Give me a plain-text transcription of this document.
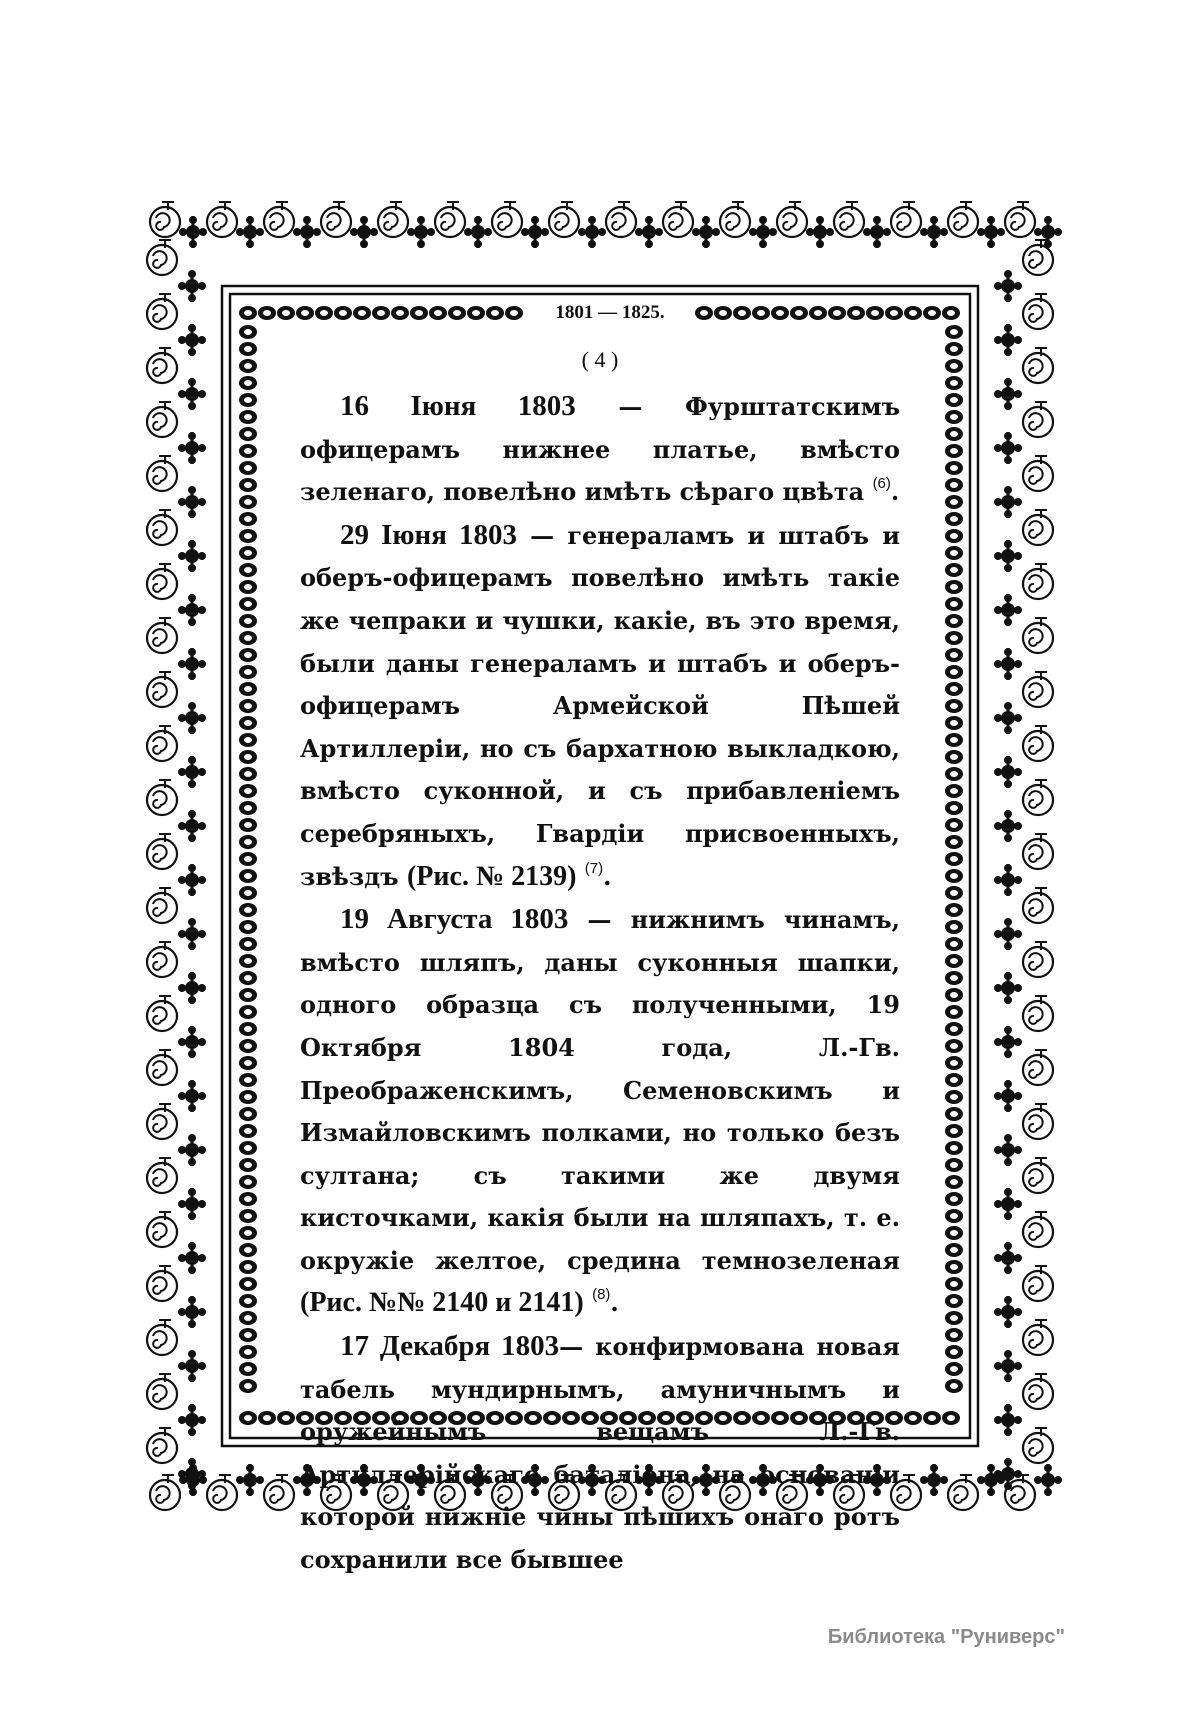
1801 — 1825.
( 4 )

16 Іюня 1803 — Фурштатскимъ офицерамъ нижнее платье, вмѣсто зеленаго, повелѣно имѣть сѣраго цвѣта $^{(6)}$.

29 Іюня 1803 — генераламъ и штабъ и оберъ-офицерамъ повелѣно имѣть такіе же чепраки и чушки, какіе, въ это время, были даны генераламъ и штабъ и оберъ-офицерамъ Армейской Пѣшей Артиллеріи, но съ бархатною выкладкою, вмѣсто суконной, и съ прибавленіемъ серебряныхъ, Гвардіи присвоенныхъ, звѣздъ (Рис. № 2139) $^{(7)}$.

19 Августа 1803 — нижнимъ чинамъ, вмѣсто шляпъ, даны суконныя шапки, одного образца съ полученными, 19 Октября 1804 года, Л.-Гв. Преображенскимъ, Семеновскимъ и Измайловскимъ полками, но только безъ султана; съ такими же двумя кисточками, какія были на шляпахъ, т. е. окружіе желтое, средина темнозеленая (Рис. №№ 2140 и 2141) $^{(8)}$.

17 Декабря 1803— конфирмована новая табель мундирнымъ, амуничнымъ и оружейнымъ вещамъ Л.-Гв. Артиллерійскаго баталіона, на основаніи которой нижніе чины пѣшихъ онаго ротъ сохранили все бывшее

Библиотека "Руниверс"
